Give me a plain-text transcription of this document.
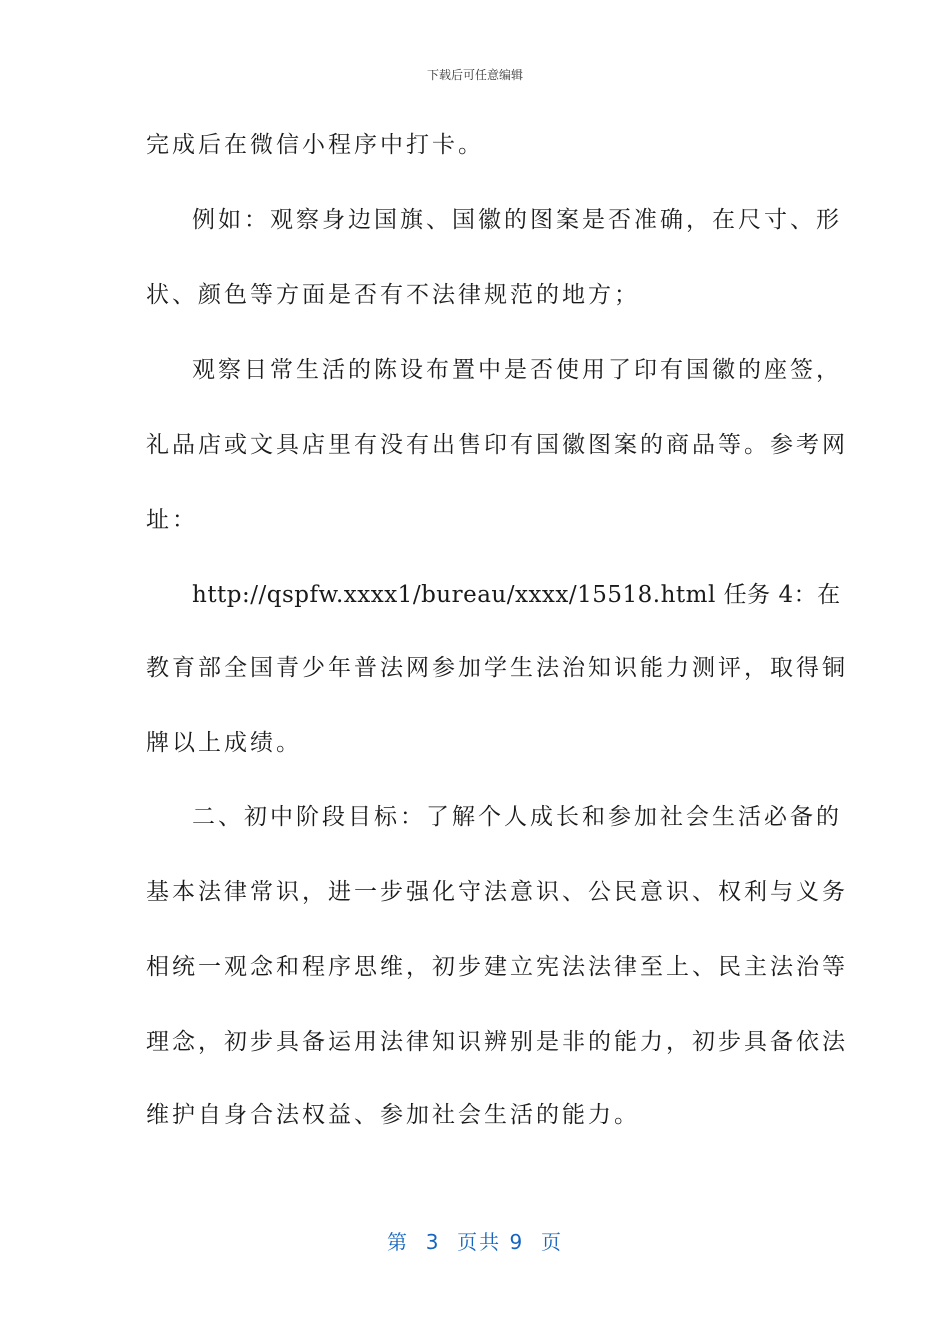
下载后可任意编辑
完成后在微信小程序中打卡。
例如：观察身边国旗、国徽的图案是否准确，在尺寸、形
状、颜色等方面是否有不法律规范的地方；
观察日常生活的陈设布置中是否使用了印有国徽的座签，
礼品店或文具店里有没有出售印有国徽图案的商品等。参考网
址：
http://qspfw.xxxx1/bureau/xxxx/15518.html 任务 4：在
教育部全国青少年普法网参加学生法治知识能力测评，取得铜
牌以上成绩。
二、初中阶段目标：了解个人成长和参加社会生活必备的
基本法律常识，进一步强化守法意识、公民意识、权利与义务
相统一观念和程序思维，初步建立宪法法律至上、民主法治等
理念，初步具备运用法律知识辨别是非的能力，初步具备依法
维护自身合法权益、参加社会生活的能力。
第  3  页共 9  页
